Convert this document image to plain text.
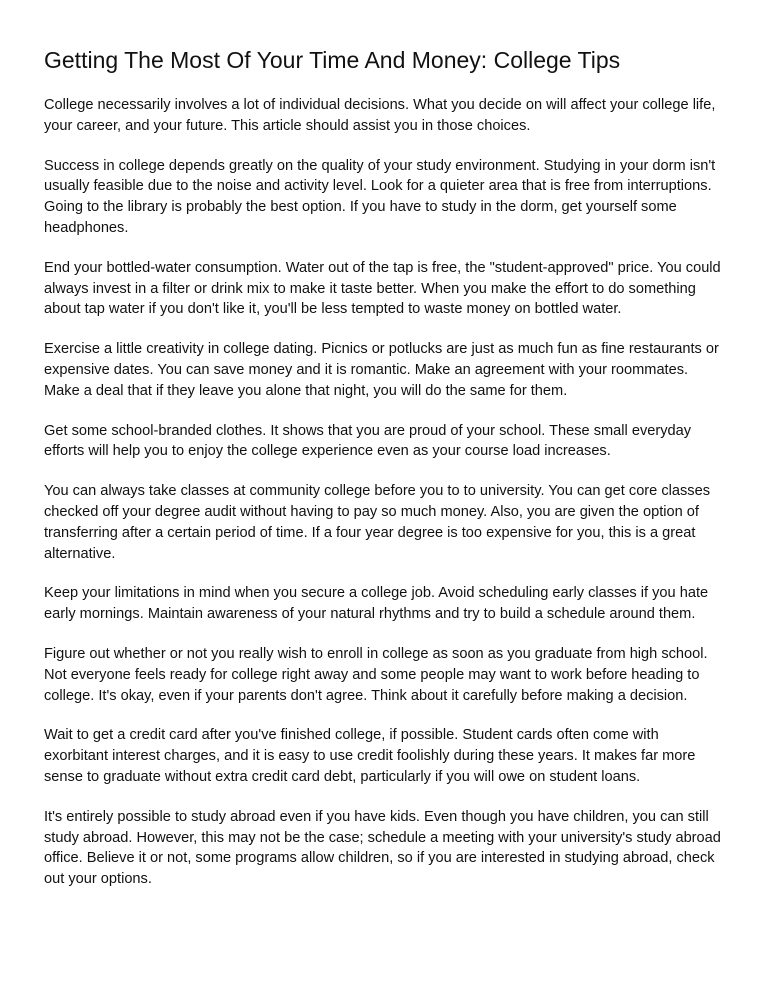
Getting The Most Of Your Time And Money: College Tips

College necessarily involves a lot of individual decisions. What you decide on will affect your college life, your career, and your future. This article should assist you in those choices.

Success in college depends greatly on the quality of your study environment. Studying in your dorm isn't usually feasible due to the noise and activity level. Look for a quieter area that is free from interruptions. Going to the library is probably the best option. If you have to study in the dorm, get yourself some headphones.

End your bottled-water consumption. Water out of the tap is free, the "student-approved" price. You could always invest in a filter or drink mix to make it taste better. When you make the effort to do something about tap water if you don't like it, you'll be less tempted to waste money on bottled water.

Exercise a little creativity in college dating. Picnics or potlucks are just as much fun as fine restaurants or expensive dates. You can save money and it is romantic. Make an agreement with your roommates. Make a deal that if they leave you alone that night, you will do the same for them.

Get some school-branded clothes. It shows that you are proud of your school. These small everyday efforts will help you to enjoy the college experience even as your course load increases.

You can always take classes at community college before you to to university. You can get core classes checked off your degree audit without having to pay so much money. Also, you are given the option of transferring after a certain period of time. If a four year degree is too expensive for you, this is a great alternative.

Keep your limitations in mind when you secure a college job. Avoid scheduling early classes if you hate early mornings. Maintain awareness of your natural rhythms and try to build a schedule around them.

Figure out whether or not you really wish to enroll in college as soon as you graduate from high school. Not everyone feels ready for college right away and some people may want to work before heading to college. It's okay, even if your parents don't agree. Think about it carefully before making a decision.

Wait to get a credit card after you've finished college, if possible. Student cards often come with exorbitant interest charges, and it is easy to use credit foolishly during these years. It makes far more sense to graduate without extra credit card debt, particularly if you will owe on student loans.

It's entirely possible to study abroad even if you have kids. Even though you have children, you can still study abroad. However, this may not be the case; schedule a meeting with your university's study abroad office. Believe it or not, some programs allow children, so if you are interested in studying abroad, check out your options.
